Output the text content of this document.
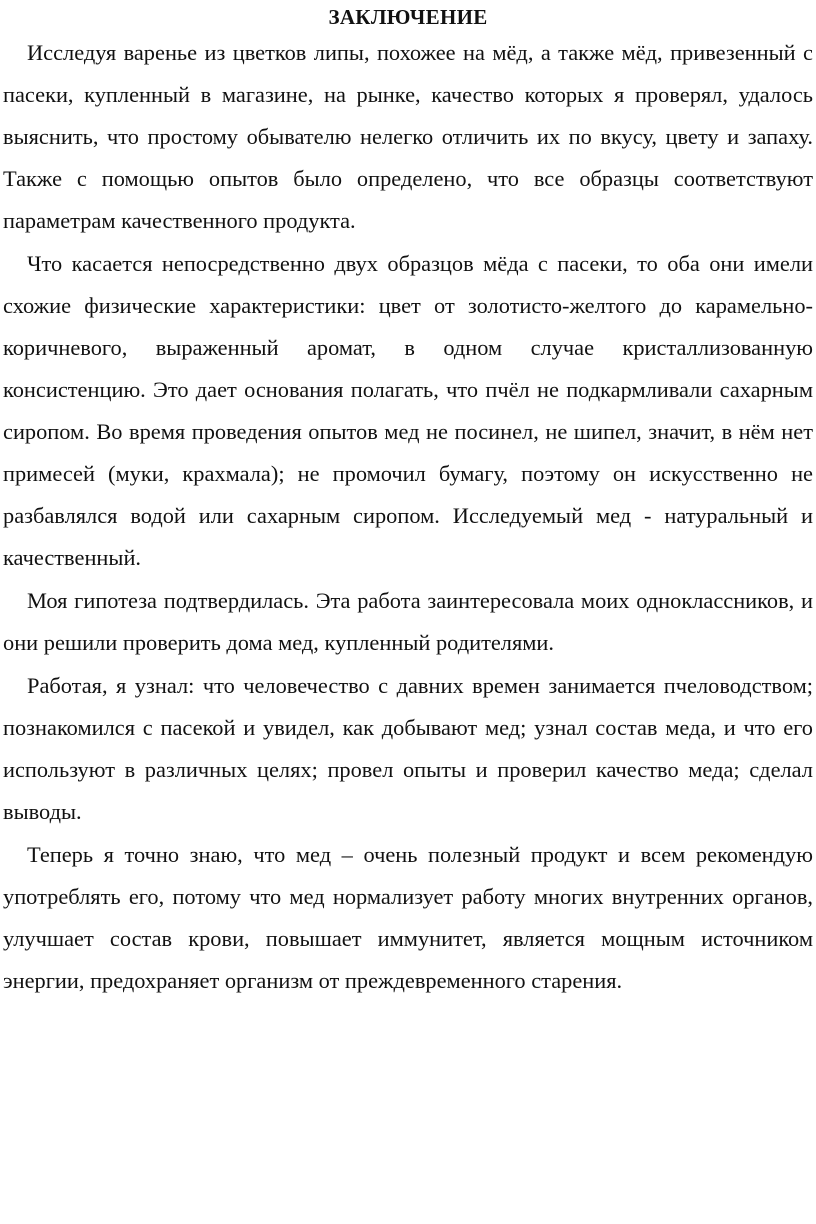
ЗАКЛЮЧЕНИЕ

Исследуя варенье из цветков липы, похожее на мёд, а также мёд, привезенный с пасеки, купленный в магазине, на рынке, качество которых я проверял, удалось выяснить, что простому обывателю нелегко отличить их по вкусу, цвету и запаху. Также с помощью опытов было определено, что все образцы соответствуют параметрам качественного продукта.

Что касается непосредственно двух образцов мёда с пасеки, то оба они имели схожие физические характеристики: цвет от золотисто-желтого до карамельно-коричневого, выраженный аромат, в одном случае кристаллизованную консистенцию. Это дает основания полагать, что пчёл не подкармливали сахарным сиропом. Во время проведения опытов мед не посинел, не шипел, значит, в нём нет примесей (муки, крахмала); не промочил бумагу, поэтому он искусственно не разбавлялся водой или сахарным сиропом. Исследуемый мед - натуральный и качественный.

Моя гипотеза подтвердилась. Эта работа заинтересовала моих одноклассников, и они решили проверить дома мед, купленный родителями.

Работая, я узнал: что человечество с давних времен занимается пчеловодством; познакомился с пасекой и увидел, как добывают мед; узнал состав меда, и что его используют в различных целях; провел опыты и проверил качество меда; сделал выводы.

Теперь я точно знаю, что мед – очень полезный продукт и всем рекомендую употреблять его, потому что мед нормализует работу многих внутренних органов, улучшает состав крови, повышает иммунитет, является мощным источником энергии, предохраняет организм от преждевременного старения.
